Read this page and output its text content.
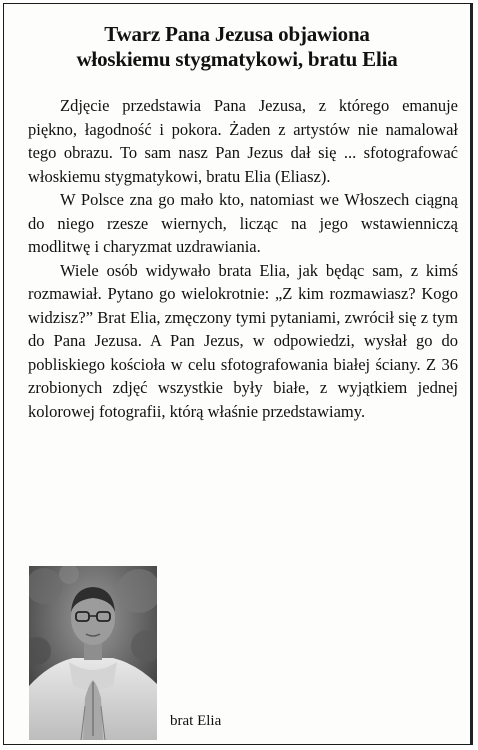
Twarz Pana Jezusa objawiona
włoskiemu stygmatykowi, bratu Elia

Zdjęcie przedstawia Pana Jezusa, z którego emanuje piękno, łagodność i pokora. Żaden z artystów nie namalował tego obrazu. To sam nasz Pan Jezus dał się ... sfotografować włoskiemu stygmatykowi, bratu Elia (Eliasz).

W Polsce zna go mało kto, natomiast we Włoszech ciągną do niego rzesze wiernych, licząc na jego wstawienniczą modlitwę i charyzmat uzdrawiania.

Wiele osób widywało brata Elia, jak będąc sam, z kimś rozmawiał. Pytano go wielokrotnie: „Z kim rozmawiasz? Kogo widzisz?” Brat Elia, zmęczony tymi pytaniami, zwrócił się z tym do Pana Jezusa. A Pan Jezus, w odpowiedzi, wysłał go do pobliskiego kościoła w celu sfotografowania białej ściany. Z 36 zrobionych zdjęć wszystkie były białe, z wyjątkiem jednej kolorowej fotografii, którą właśnie przedstawiamy.

brat Elia
